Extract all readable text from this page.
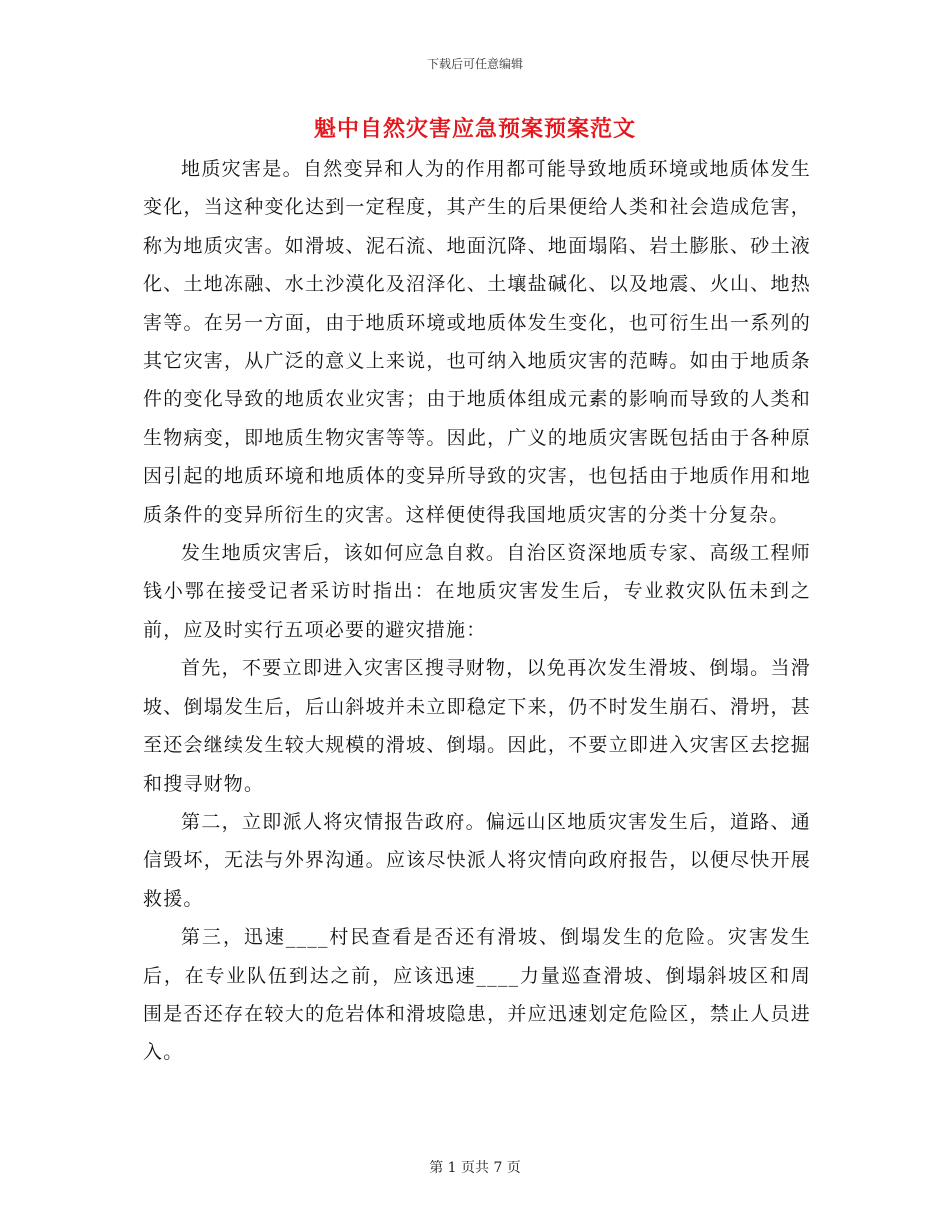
下载后可任意编辑
魁中自然灾害应急预案预案范文

地质灾害是。自然变异和人为的作用都可能导致地质环境或地质体发生变化，当这种变化达到一定程度，其产生的后果便给人类和社会造成危害，称为地质灾害。如滑坡、泥石流、地面沉降、地面塌陷、岩土膨胀、砂土液化、土地冻融、水土沙漠化及沼泽化、土壤盐碱化、以及地震、火山、地热害等。在另一方面，由于地质环境或地质体发生变化，也可衍生出一系列的其它灾害，从广泛的意义上来说，也可纳入地质灾害的范畴。如由于地质条件的变化导致的地质农业灾害；由于地质体组成元素的影响而导致的人类和生物病变，即地质生物灾害等等。因此，广义的地质灾害既包括由于各种原因引起的地质环境和地质体的变异所导致的灾害，也包括由于地质作用和地质条件的变异所衍生的灾害。这样便使得我国地质灾害的分类十分复杂。

发生地质灾害后，该如何应急自救。自治区资深地质专家、高级工程师钱小鄂在接受记者采访时指出：在地质灾害发生后，专业救灾队伍未到之前，应及时实行五项必要的避灾措施：

首先，不要立即进入灾害区搜寻财物，以免再次发生滑坡、倒塌。当滑坡、倒塌发生后，后山斜坡并未立即稳定下来，仍不时发生崩石、滑坍，甚至还会继续发生较大规模的滑坡、倒塌。因此，不要立即进入灾害区去挖掘和搜寻财物。

第二，立即派人将灾情报告政府。偏远山区地质灾害发生后，道路、通信毁坏，无法与外界沟通。应该尽快派人将灾情向政府报告，以便尽快开展救援。

第三，迅速____村民查看是否还有滑坡、倒塌发生的危险。灾害发生后，在专业队伍到达之前，应该迅速____力量巡查滑坡、倒塌斜坡区和周围是否还存在较大的危岩体和滑坡隐患，并应迅速划定危险区，禁止人员进入。

第 1 页共 7 页
